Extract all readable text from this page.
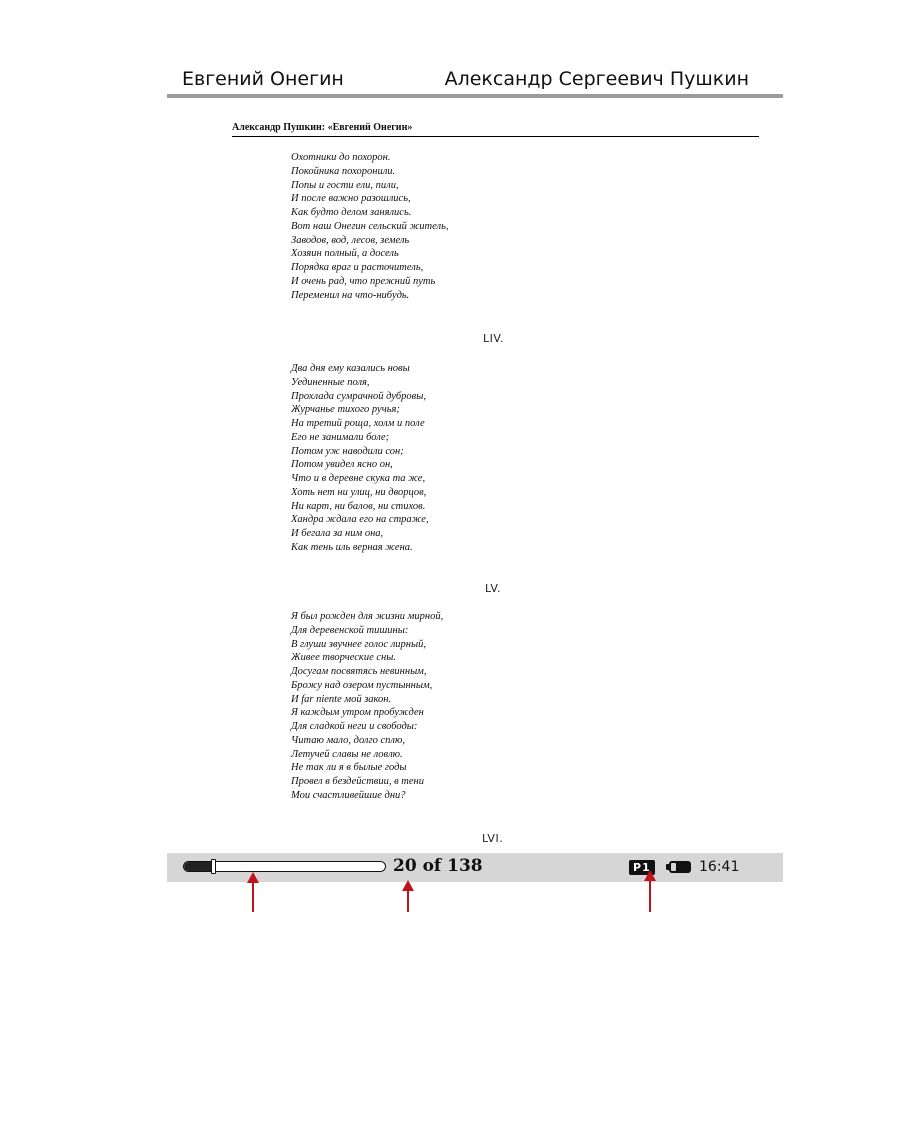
Евгений Онегин	Александр Сергеевич Пушкин
Александр Пушкин: «Евгений Онегин»
Охотники до похорон.
Покойника похоронили.
Попы и гости ели, пили,
И после важно разошлись,
Как будто делом занялись.
Вот наш Онегин сельский житель,
Заводов, вод, лесов, земель
Хозяин полный, а досель
Порядка враг и расточитель,
И очень рад, что прежний путь
Переменил на что-нибудь.
LIV.
Два дня ему казались новы
Уединенные поля,
Прохлада сумрачной дубровы,
Журчанье тихого ручья;
На третий роща, холм и поле
Его не занимали боле;
Потом уж наводили сон;
Потом увидел ясно он,
Что и в деревне скука та же,
Хоть нет ни улиц, ни дворцов,
Ни карт, ни балов, ни стихов.
Хандра ждала его на страже,
И бегала за ним она,
Как тень иль верная жена.
LV.
Я был рожден для жизни мирной,
Для деревенской тишины:
В глуши звучнее голос лирный,
Живее творческие сны.
Досугам посвятясь невинным,
Брожу над озером пустынным,
И far niente мой закон.
Я каждым утром пробужден
Для сладкой неги и свободы:
Читаю мало, долго сплю,
Летучей славы не ловлю.
Не так ли я в былые годы
Провел в бездействии, в тени
Мои счастливейшие дни?
LVI.
20 of 138	P1	16:41
